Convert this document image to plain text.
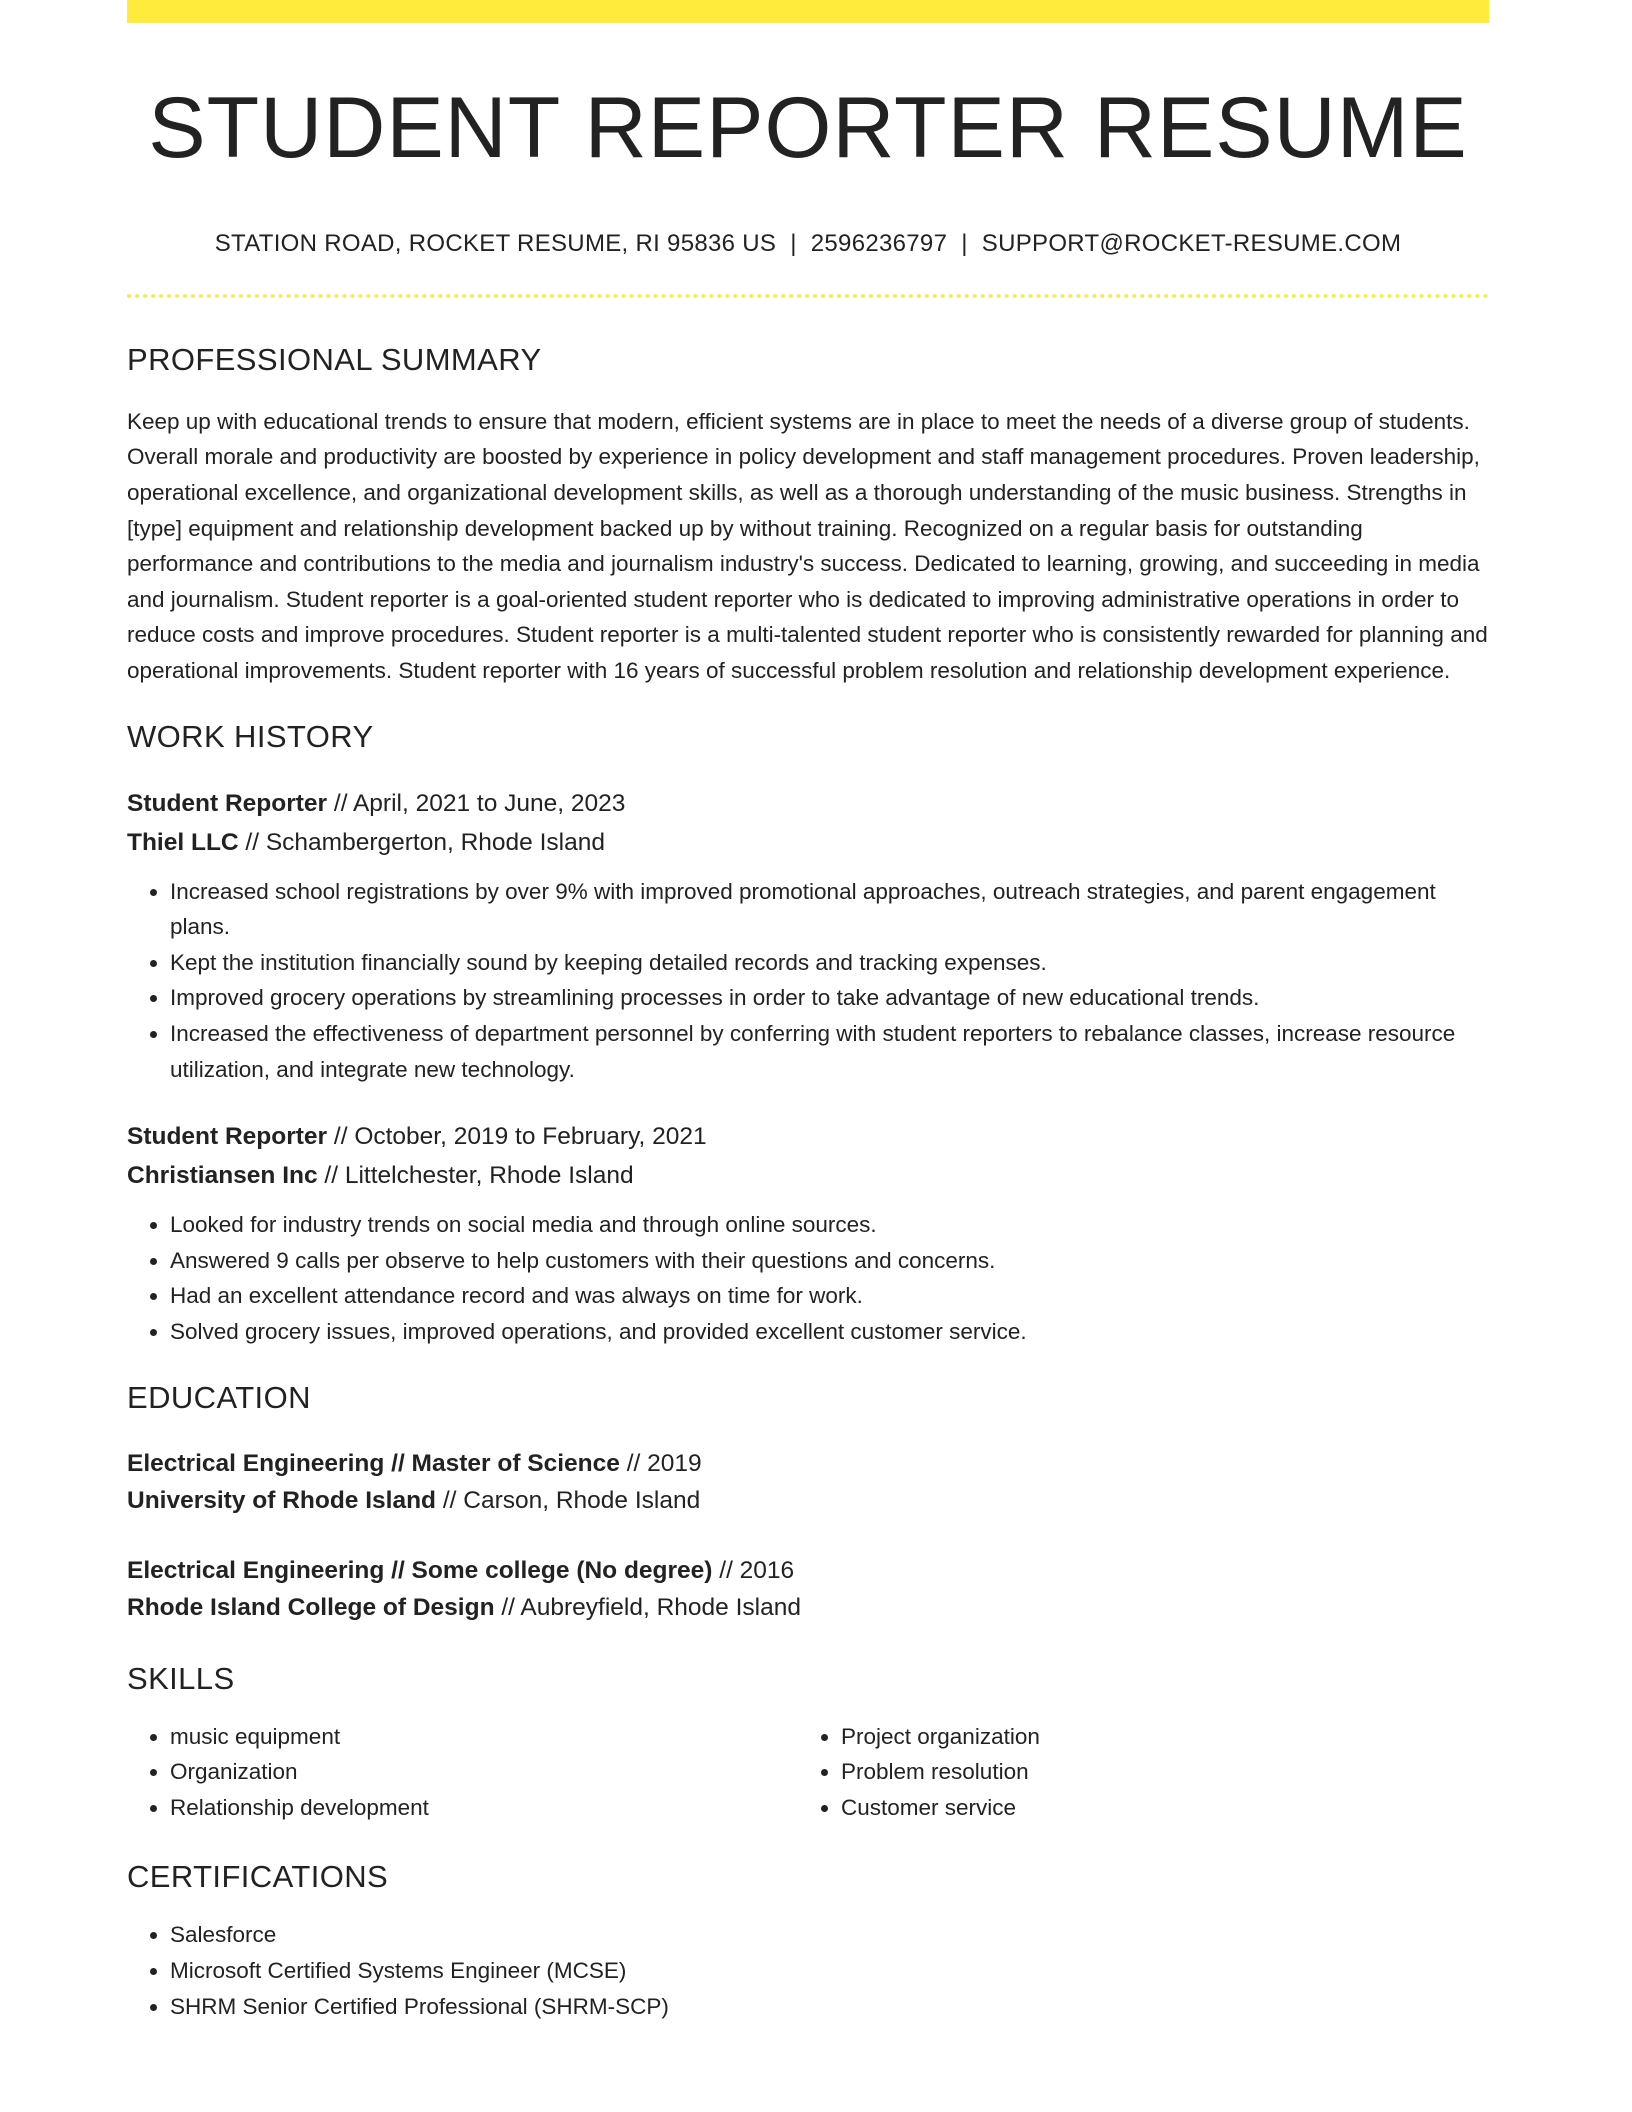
STUDENT REPORTER RESUME
STATION ROAD, ROCKET RESUME, RI 95836 US | 2596236797 | SUPPORT@ROCKET-RESUME.COM
PROFESSIONAL SUMMARY

Keep up with educational trends to ensure that modern, efficient systems are in place to meet the needs of a diverse group of students. Overall morale and productivity are boosted by experience in policy development and staff management procedures. Proven leadership, operational excellence, and organizational development skills, as well as a thorough understanding of the music business. Strengths in [type] equipment and relationship development backed up by without training. Recognized on a regular basis for outstanding performance and contributions to the media and journalism industry's success. Dedicated to learning, growing, and succeeding in media and journalism. Student reporter is a goal-oriented student reporter who is dedicated to improving administrative operations in order to reduce costs and improve procedures. Student reporter is a multi-talented student reporter who is consistently rewarded for planning and operational improvements. Student reporter with 16 years of successful problem resolution and relationship development experience.

WORK HISTORY
Student Reporter // April, 2021 to June, 2023
Thiel LLC // Schambergerton, Rhode Island
• Increased school registrations by over 9% with improved promotional approaches, outreach strategies, and parent engagement plans.
• Kept the institution financially sound by keeping detailed records and tracking expenses.
• Improved grocery operations by streamlining processes in order to take advantage of new educational trends.
• Increased the effectiveness of department personnel by conferring with student reporters to rebalance classes, increase resource utilization, and integrate new technology.
Student Reporter // October, 2019 to February, 2021
Christiansen Inc // Littelchester, Rhode Island
• Looked for industry trends on social media and through online sources.
• Answered 9 calls per observe to help customers with their questions and concerns.
• Had an excellent attendance record and was always on time for work.
• Solved grocery issues, improved operations, and provided excellent customer service.
EDUCATION
Electrical Engineering // Master of Science // 2019
University of Rhode Island // Carson, Rhode Island
Electrical Engineering // Some college (No degree) // 2016
Rhode Island College of Design // Aubreyfield, Rhode Island
SKILLS
• music equipment
• Organization
• Relationship development
• Project organization
• Problem resolution
• Customer service
CERTIFICATIONS
• Salesforce
• Microsoft Certified Systems Engineer (MCSE)
• SHRM Senior Certified Professional (SHRM-SCP)
